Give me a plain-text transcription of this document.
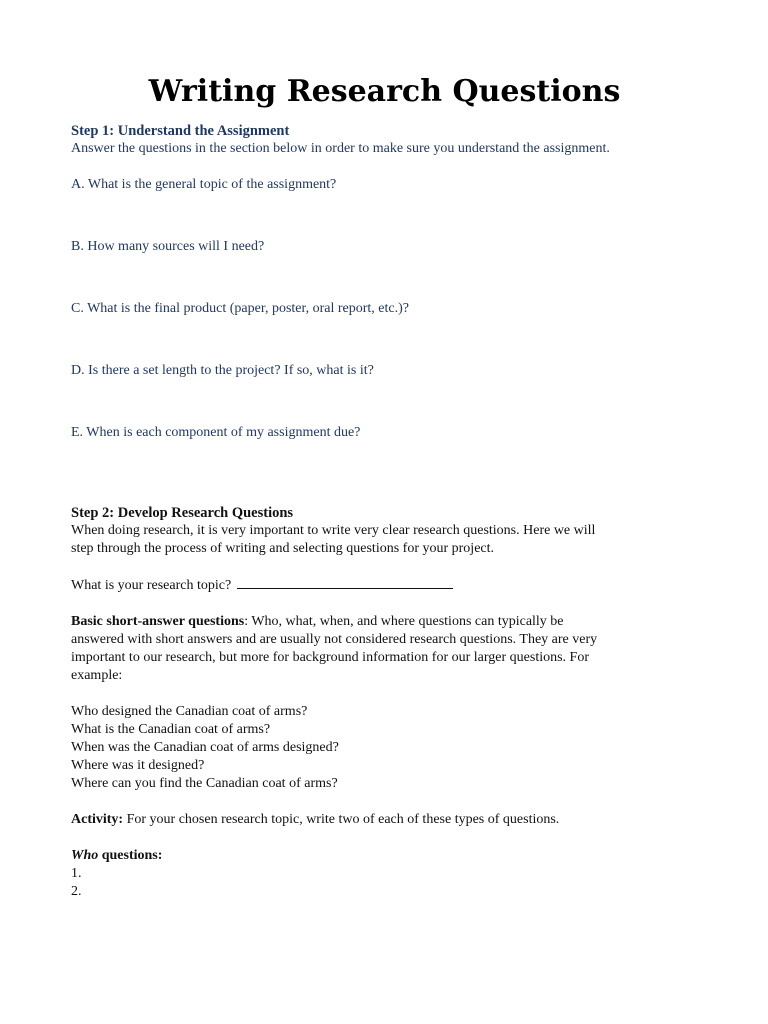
Writing Research Questions

Step 1: Understand the Assignment

Answer the questions in the section below in order to make sure you understand the assignment.

A. What is the general topic of the assignment?

B. How many sources will I need?

C. What is the final product (paper, poster, oral report, etc.)?

D. Is there a set length to the project? If so, what is it?

E. When is each component of my assignment due?

Step 2: Develop Research Questions

When doing research, it is very important to write very clear research questions. Here we will

step through the process of writing and selecting questions for your project.

What is your research topic?

Basic short-answer questions: Who, what, when, and where questions can typically be

answered with short answers and are usually not considered research questions. They are very

important to our research, but more for background information for our larger questions. For

example:

Who designed the Canadian coat of arms?

What is the Canadian coat of arms?

When was the Canadian coat of arms designed?

Where was it designed?

Where can you find the Canadian coat of arms?

Activity: For your chosen research topic, write two of each of these types of questions.

Who questions:

1.

2.
